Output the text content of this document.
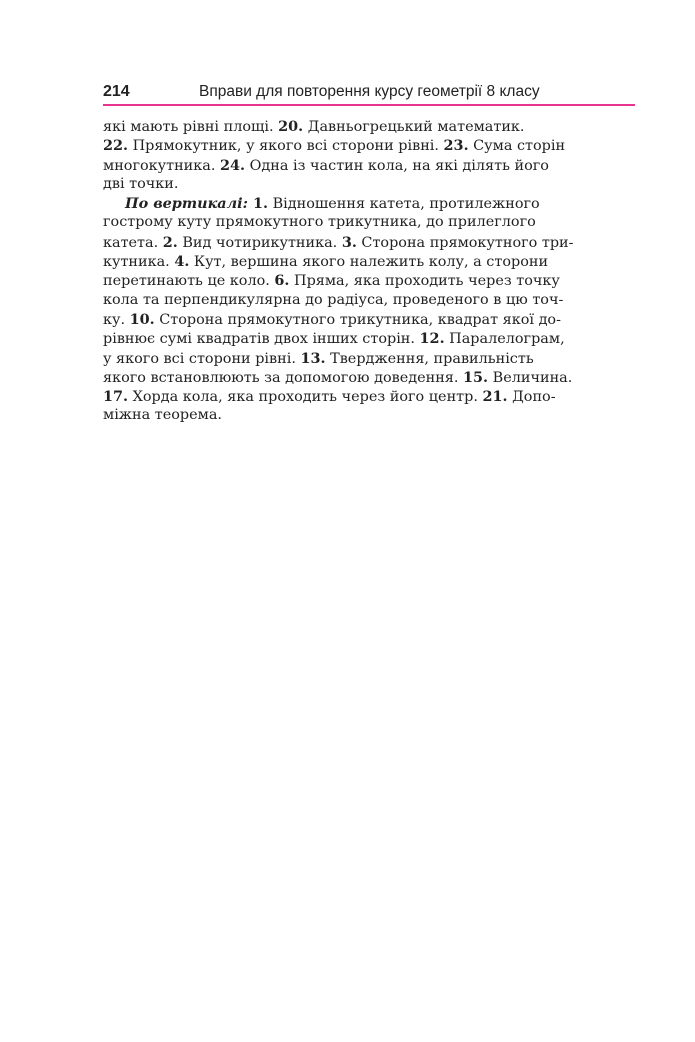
214	Вправи для повторення курсу геометрії 8 класу
які мають рівні площі. 20. Давньогрецький математик.
22. Прямокутник, у якого всі сторони рівні. 23. Сума сторін
многокутника. 24. Одна із частин кола, на які ділять його
дві точки.
По вертикалі: 1. Відношення катета, протилежного
гострому куту прямокутного трикутника, до прилеглого
катета. 2. Вид чотирикутника. 3. Сторона прямокутного три-
кутника. 4. Кут, вершина якого належить колу, а сторони
перетинають це коло. 6. Пряма, яка проходить через точку
кола та перпендикулярна до радіуса, проведеного в цю точ-
ку. 10. Сторона прямокутного трикутника, квадрат якої до-
рівнює сумі квадратів двох інших сторін. 12. Паралелограм,
у якого всі сторони рівні. 13. Твердження, правильність
якого встановлюють за допомогою доведення. 15. Величина.
17. Хорда кола, яка проходить через його центр. 21. Допо-
міжна теорема.
